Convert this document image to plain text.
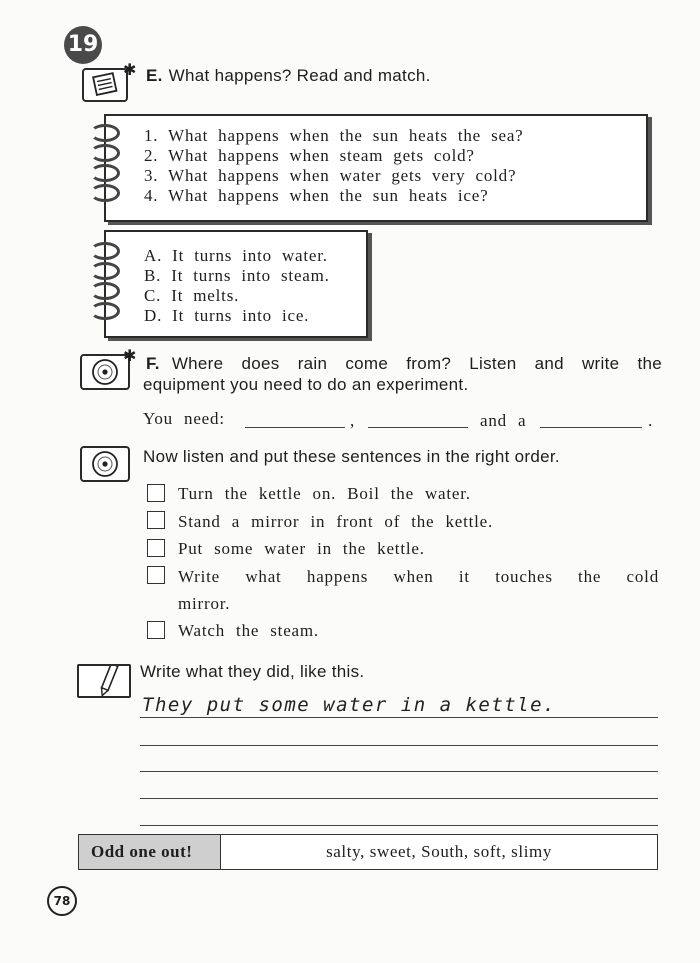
19
✱ E. What happens? Read and match.
1. What happens when the sun heats the sea?
2. What happens when steam gets cold?
3. What happens when water gets very cold?
4. What happens when the sun heats ice?
A. It turns into water.
B. It turns into steam.
C. It melts.
D. It turns into ice.
✱ F. Where does rain come from? Listen and write the
equipment you need to do an experiment.
You need:	,	and a	.
Now listen and put these sentences in the right order.
Turn the kettle on. Boil the water.
Stand a mirror in front of the kettle.
Put some water in the kettle.
Write what happens when it touches the cold
mirror.
Watch the steam.
Write what they did, like this.
They put some water in a kettle.
Odd one out!	salty, sweet, South, soft, slimy
78
